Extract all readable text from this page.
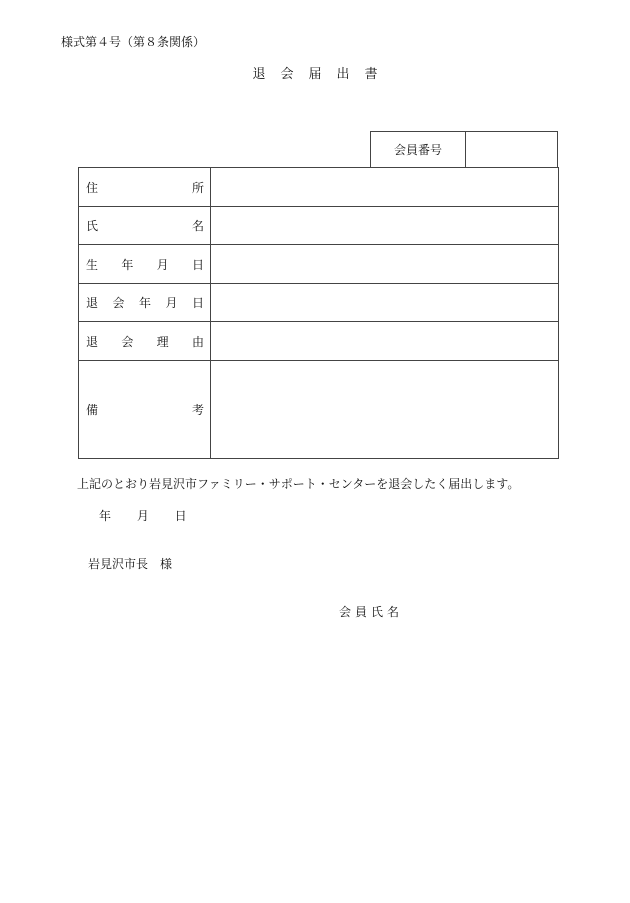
様式第４号（第８条関係）
退会届出書
会員番号
住 所	

氏 名	

生 年 月 日	

退 会 年 月 日	

退 会 理 由	

備 考	

上記のとおり岩見沢市ファミリー・サポート・センターを退会したく届出します。
年 月 日
岩見沢市長　様
会員氏名
